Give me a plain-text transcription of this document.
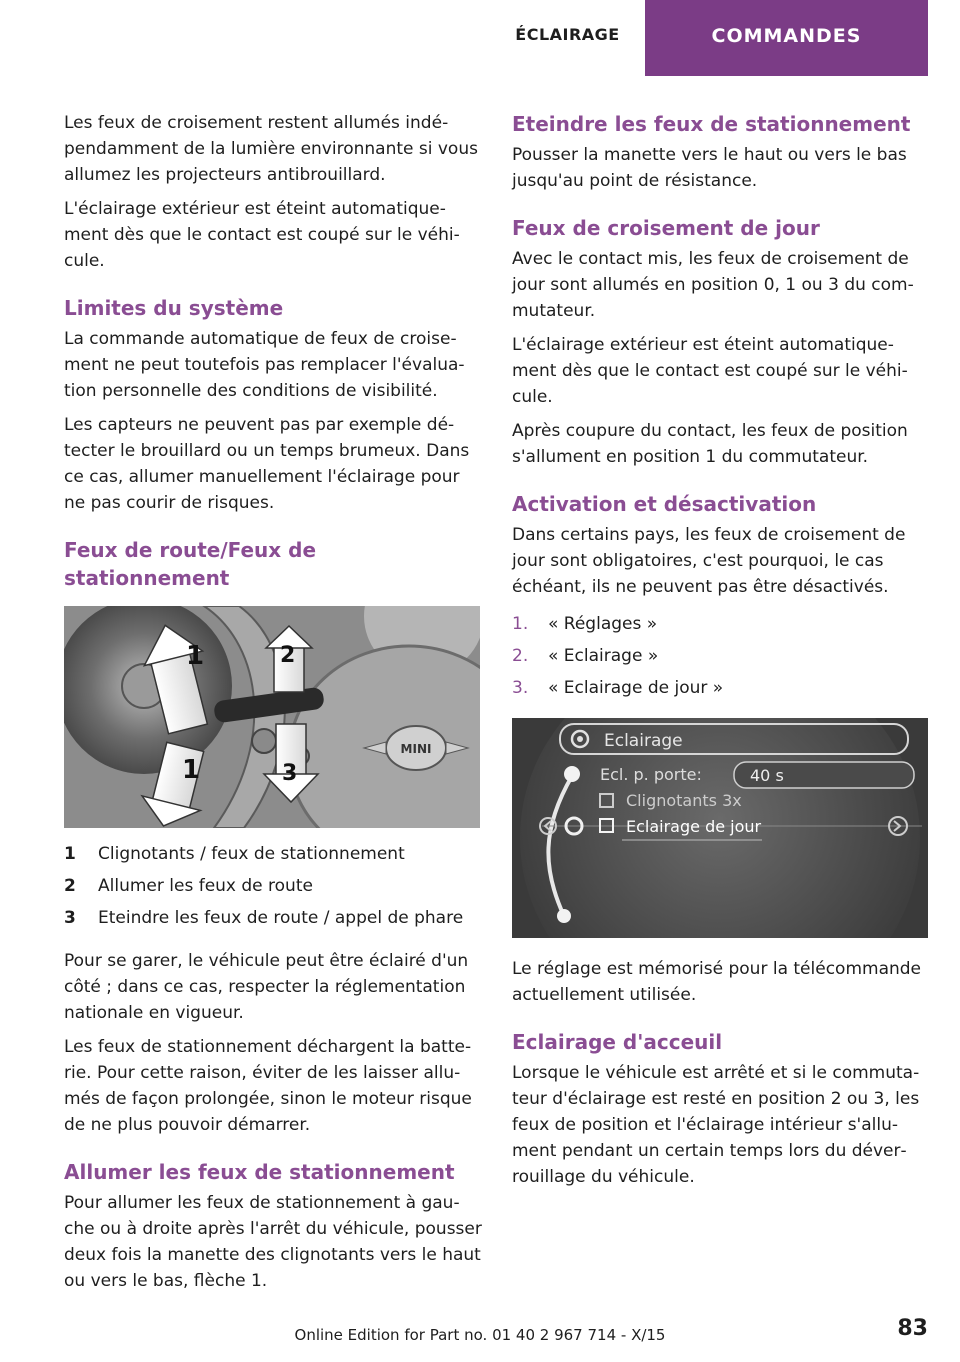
ÉCLAIRAGE	COMMANDES

Les feux de croisement restent allumés indépendamment de la lumière environnante si vous allumez les projecteurs antibrouillard.

L'éclairage extérieur est éteint automatiquement dès que le contact est coupé sur le véhicule.

Limites du système

La commande automatique de feux de croisement ne peut toutefois pas remplacer l'évaluation personnelle des conditions de visibilité.

Les capteurs ne peuvent pas par exemple détecter le brouillard ou un temps brumeux. Dans ce cas, allumer manuellement l'éclairage pour ne pas courir de risques.

Feux de route/Feux de stationnement
MINI
1
1
2
3
1	Clignotants / feux de stationnement
2	Allumer les feux de route
3	Eteindre les feux de route / appel de phare

Pour se garer, le véhicule peut être éclairé d'un côté ; dans ce cas, respecter la réglementation nationale en vigueur.

Les feux de stationnement déchargent la batterie. Pour cette raison, éviter de les laisser allumés de façon prolongée, sinon le moteur risque de ne plus pouvoir démarrer.

Allumer les feux de stationnement

Pour allumer les feux de stationnement à gauche ou à droite après l'arrêt du véhicule, pousser deux fois la manette des clignotants vers le haut ou vers le bas, flèche 1.

Eteindre les feux de stationnement

Pousser la manette vers le haut ou vers le bas jusqu'au point de résistance.

Feux de croisement de jour

Avec le contact mis, les feux de croisement de jour sont allumés en position 0, 1 ou 3 du commutateur.

L'éclairage extérieur est éteint automatiquement dès que le contact est coupé sur le véhicule.

Après coupure du contact, les feux de position s'allument en position 1 du commutateur.

Activation et désactivation

Dans certains pays, les feux de croisement de jour sont obligatoires, c'est pourquoi, le cas échéant, ils ne peuvent pas être désactivés.

1.	« Réglages »
2.	« Eclairage »
3.	« Eclairage de jour »
Eclairage
Ecl. p. porte:	40 s
Clignotants 3x
Eclairage de jour

Le réglage est mémorisé pour la télécommande actuellement utilisée.

Eclairage d'acceuil

Lorsque le véhicule est arrêté et si le commutateur d'éclairage est resté en position 2 ou 3, les feux de position et l'éclairage intérieur s'allument pendant un certain temps lors du déverrouillage du véhicule.

Online Edition for Part no. 01 40 2 967 714 - X/15	83
